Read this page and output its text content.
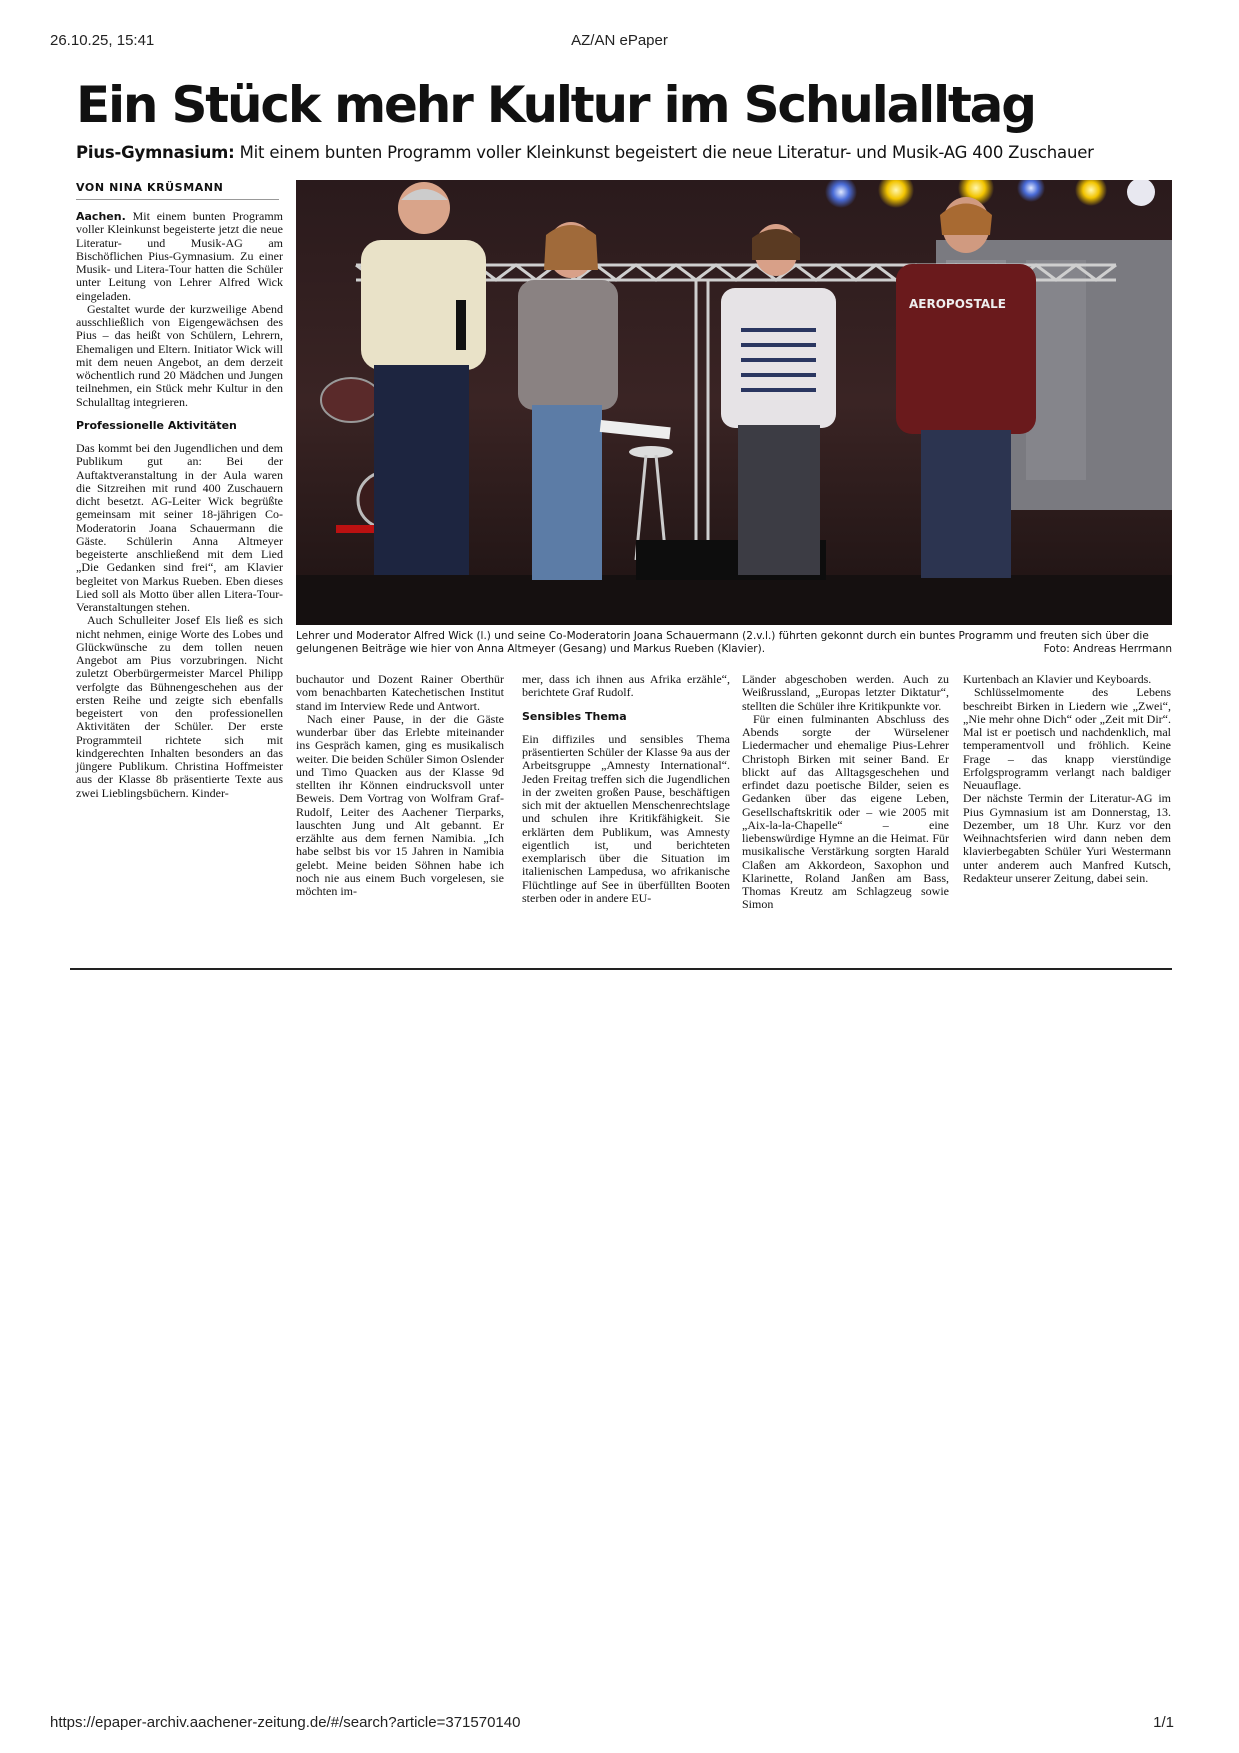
26.10.25, 15:41	AZ/AN ePaper
Ein Stück mehr Kultur im Schulalltag
Pius-Gymnasium: Mit einem bunten Programm voller Kleinkunst begeistert die neue Literatur- und Musik-AG 400 Zuschauer
VON NINA KRÜSMANN

Aachen. Mit einem bunten Programm voller Kleinkunst begeisterte jetzt die neue Literatur- und Musik-AG am Bischöflichen Pius-Gymnasium. Zu einer Musik- und Litera-Tour hatten die Schüler unter Leitung von Lehrer Alfred Wick eingeladen.

Gestaltet wurde der kurzweilige Abend ausschließlich von Eigengewächsen des Pius – das heißt von Schülern, Lehrern, Ehemaligen und Eltern. Initiator Wick will mit dem neuen Angebot, an dem derzeit wöchentlich rund 20 Mädchen und Jungen teilnehmen, ein Stück mehr Kultur in den Schulalltag integrieren.

Professionelle Aktivitäten

Das kommt bei den Jugendlichen und dem Publikum gut an: Bei der Auftaktveranstaltung in der Aula waren die Sitzreihen mit rund 400 Zuschauern dicht besetzt. AG-Leiter Wick begrüßte gemeinsam mit seiner 18-jährigen Co-Moderatorin Joana Schauermann die Gäste. Schülerin Anna Altmeyer begeisterte anschließend mit dem Lied „Die Gedanken sind frei“, am Klavier begleitet von Markus Rueben. Eben dieses Lied soll als Motto über allen Litera-Tour-Veranstaltungen stehen.

Auch Schulleiter Josef Els ließ es sich nicht nehmen, einige Worte des Lobes und Glückwünsche zu dem tollen neuen Angebot am Pius vorzubringen. Nicht zuletzt Oberbürgermeister Marcel Philipp verfolgte das Bühnengeschehen aus der ersten Reihe und zeigte sich ebenfalls begeistert von den professionellen Aktivitäten der Schüler. Der erste Programmteil richtete sich mit kindgerechten Inhalten besonders an das jüngere Publikum. Christina Hoffmeister aus der Klasse 8b präsentierte Texte aus zwei Lieblingsbüchern. Kinder-

AEROPOSTALE
Lehrer und Moderator Alfred Wick (l.) und seine Co-Moderatorin Joana Schauermann (2.v.l.) führten gekonnt durch ein buntes Programm und freuten sich über die gelungenen Beiträge wie hier von Anna Altmeyer (Gesang) und Markus Rueben (Klavier).	Foto: Andreas Herrmann

buchautor und Dozent Rainer Oberthür vom benachbarten Katechetischen Institut stand im Interview Rede und Antwort.

Nach einer Pause, in der die Gäste wunderbar über das Erlebte miteinander ins Gespräch kamen, ging es musikalisch weiter. Die beiden Schüler Simon Oslender und Timo Quacken aus der Klasse 9d stellten ihr Können eindrucksvoll unter Beweis. Dem Vortrag von Wolfram Graf-Rudolf, Leiter des Aachener Tierparks, lauschten Jung und Alt gebannt. Er erzählte aus dem fernen Namibia. „Ich habe selbst bis vor 15 Jahren in Namibia gelebt. Meine beiden Söhnen habe ich noch nie aus einem Buch vorgelesen, sie möchten im-

mer, dass ich ihnen aus Afrika erzähle“, berichtete Graf Rudolf.

Sensibles Thema

Ein diffiziles und sensibles Thema präsentierten Schüler der Klasse 9a aus der Arbeitsgruppe „Amnesty International“. Jeden Freitag treffen sich die Jugendlichen in der zweiten großen Pause, beschäftigen sich mit der aktuellen Menschenrechtslage und schulen ihre Kritikfähigkeit. Sie erklärten dem Publikum, was Amnesty eigentlich ist, und berichteten exemplarisch über die Situation im italienischen Lampedusa, wo afrikanische Flüchtlinge auf See in überfüllten Booten sterben oder in andere EU-

Länder abgeschoben werden. Auch zu Weißrussland, „Europas letzter Diktatur“, stellten die Schüler ihre Kritikpunkte vor.

Für einen fulminanten Abschluss des Abends sorgte der Würselener Liedermacher und ehemalige Pius-Lehrer Christoph Birken mit seiner Band. Er blickt auf das Alltagsgeschehen und erfindet dazu poetische Bilder, seien es Gedanken über das eigene Leben, Gesellschaftskritik oder – wie 2005 mit „Aix-la-la-Chapelle“ – eine liebenswürdige Hymne an die Heimat. Für musikalische Verstärkung sorgten Harald Claßen am Akkordeon, Saxophon und Klarinette, Roland Janßen am Bass, Thomas Kreutz am Schlagzeug sowie Simon

Kurtenbach an Klavier und Keyboards.

Schlüsselmomente des Lebens beschreibt Birken in Liedern wie „Zwei“, „Nie mehr ohne Dich“ oder „Zeit mit Dir“. Mal ist er poetisch und nachdenklich, mal temperamentvoll und fröhlich. Keine Frage – das knapp vierstündige Erfolgsprogramm verlangt nach baldiger Neuauflage.

Der nächste Termin der Literatur-AG im Pius Gymnasium ist am Donnerstag, 13. Dezember, um 18 Uhr. Kurz vor den Weihnachtsferien wird dann neben dem klavierbegabten Schüler Yuri Westermann unter anderem auch Manfred Kutsch, Redakteur unserer Zeitung, dabei sein.

https://epaper-archiv.aachener-zeitung.de/#/search?article=371570140	1/1
